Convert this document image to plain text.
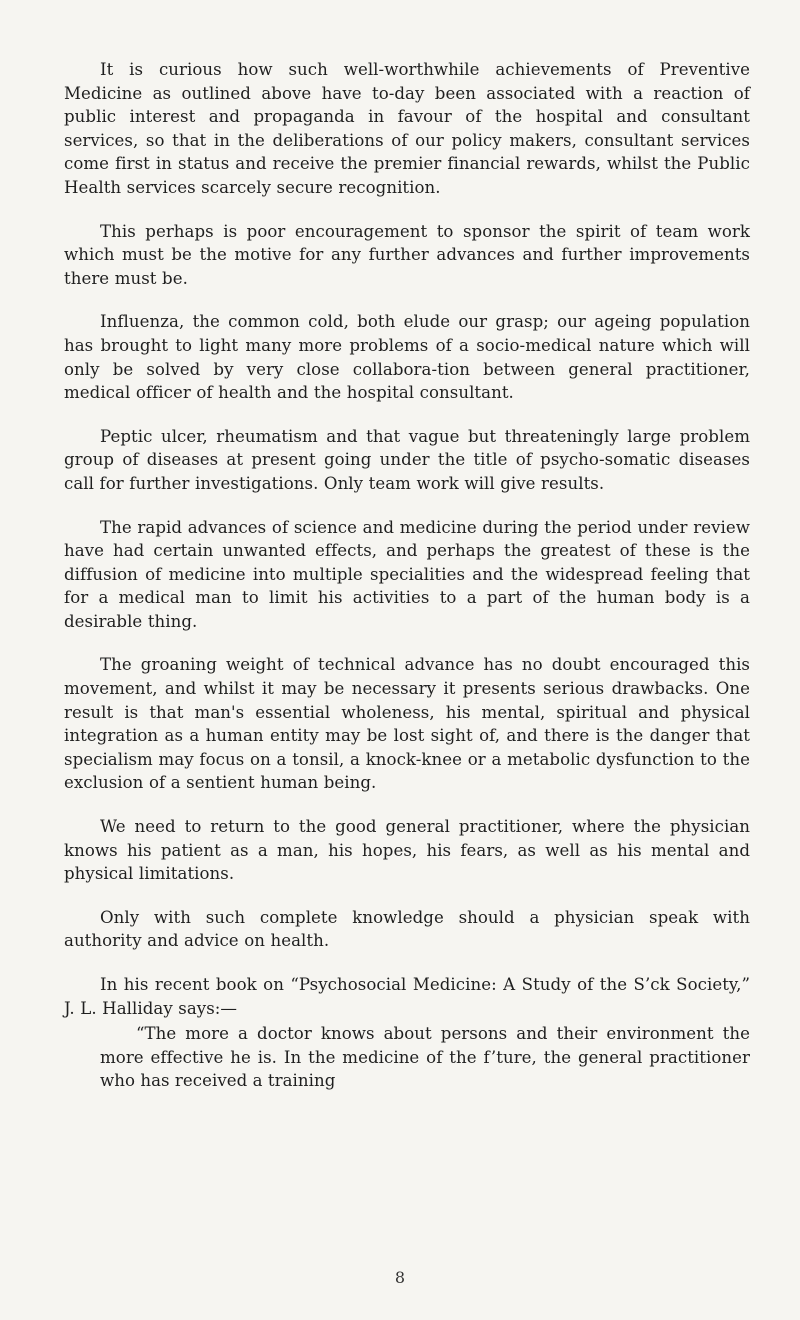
It is curious how such well-worthwhile achievements of Preventive Medicine as outlined above have to-day been associated with a reaction of public interest and propaganda in favour of the hospital and consultant services, so that in the deliberations of our policy makers, consultant services come first in status and receive the premier financial rewards, whilst the Public Health services scarcely secure recognition.

This perhaps is poor encouragement to sponsor the spirit of team work which must be the motive for any further advances and further improvements there must be.

Influenza, the common cold, both elude our grasp; our ageing population has brought to light many more problems of a socio-medical nature which will only be solved by very close collabora-tion between general practitioner, medical officer of health and the hospital consultant.

Peptic ulcer, rheumatism and that vague but threateningly large problem group of diseases at present going under the title of psycho-somatic diseases call for further investigations. Only team work will give results.

The rapid advances of science and medicine during the period under review have had certain unwanted effects, and perhaps the greatest of these is the diffusion of medicine into multiple specialities and the widespread feeling that for a medical man to limit his activities to a part of the human body is a desirable thing.

The groaning weight of technical advance has no doubt encouraged this movement, and whilst it may be necessary it presents serious drawbacks. One result is that man's essential wholeness, his mental, spiritual and physical integration as a human entity may be lost sight of, and there is the danger that specialism may focus on a tonsil, a knock-knee or a metabolic dysfunction to the exclusion of a sentient human being.

We need to return to the good general practitioner, where the physician knows his patient as a man, his hopes, his fears, as well as his mental and physical limitations.

Only with such complete knowledge should a physician speak with authority and advice on health.

In his recent book on “Psychosocial Medicine: A Study of the S’ck Society,” J. L. Halliday says:—

“The more a doctor knows about persons and their environment the more effective he is. In the medicine of the f’ture, the general practitioner who has received a training

8
